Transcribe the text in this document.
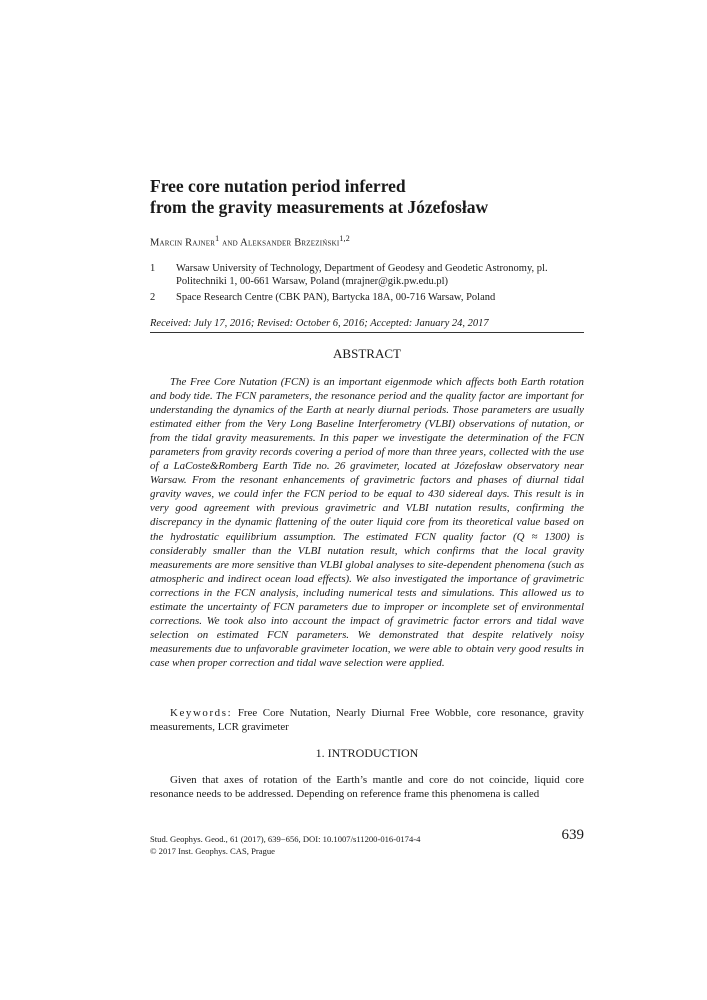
Free core nutation period inferred
from the gravity measurements at Józefosław
Marcin Rajner$^1$ and Aleksander Brzeziński$^{1,2}$
1 Warsaw University of Technology, Department of Geodesy and Geodetic Astronomy, pl. Politechniki 1, 00-661 Warsaw, Poland (mrajner@gik.pw.edu.pl)
2 Space Research Centre (CBK PAN), Bartycka 18A, 00-716 Warsaw, Poland
Received: July 17, 2016; Revised: October 6, 2016; Accepted: January 24, 2017
ABSTRACT

The Free Core Nutation (FCN) is an important eigenmode which affects both Earth rotation and body tide. The FCN parameters, the resonance period and the quality factor are important for understanding the dynamics of the Earth at nearly diurnal periods. Those parameters are usually estimated either from the Very Long Baseline Interferometry (VLBI) observations of nutation, or from the tidal gravity measurements. In this paper we investigate the determination of the FCN parameters from gravity records covering a period of more than three years, collected with the use of a LaCoste&Romberg Earth Tide no. 26 gravimeter, located at Józefosław observatory near Warsaw. From the resonant enhancements of gravimetric factors and phases of diurnal tidal gravity waves, we could infer the FCN period to be equal to 430 sidereal days. This result is in very good agreement with previous gravimetric and VLBI nutation results, confirming the discrepancy in the dynamic flattening of the outer liquid core from its theoretical value based on the hydrostatic equilibrium assumption. The estimated FCN quality factor (Q ≈ 1300) is considerably smaller than the VLBI nutation result, which confirms that the local gravity measurements are more sensitive than VLBI global analyses to site-dependent phenomena (such as atmospheric and indirect ocean load effects). We also investigated the importance of gravimetric corrections in the FCN analysis, including numerical tests and simulations. This allowed us to estimate the uncertainty of FCN parameters due to improper or incomplete set of environmental corrections. We took also into account the impact of gravimetric factor errors and tidal wave selection on estimated FCN parameters. We demonstrated that despite relatively noisy measurements due to unfavorable gravimeter location, we were able to obtain very good results in case when proper correction and tidal wave selection were applied.

Keywords: Free Core Nutation, Nearly Diurnal Free Wobble, core resonance, gravity measurements, LCR gravimeter

1. INTRODUCTION

Given that axes of rotation of the Earth’s mantle and core do not coincide, liquid core resonance needs to be addressed. Depending on reference frame this phenomena is called

Stud. Geophys. Geod., 61 (2017), 639−656, DOI: 10.1007/s11200-016-0174-4
© 2017 Inst. Geophys. CAS, Prague
639
